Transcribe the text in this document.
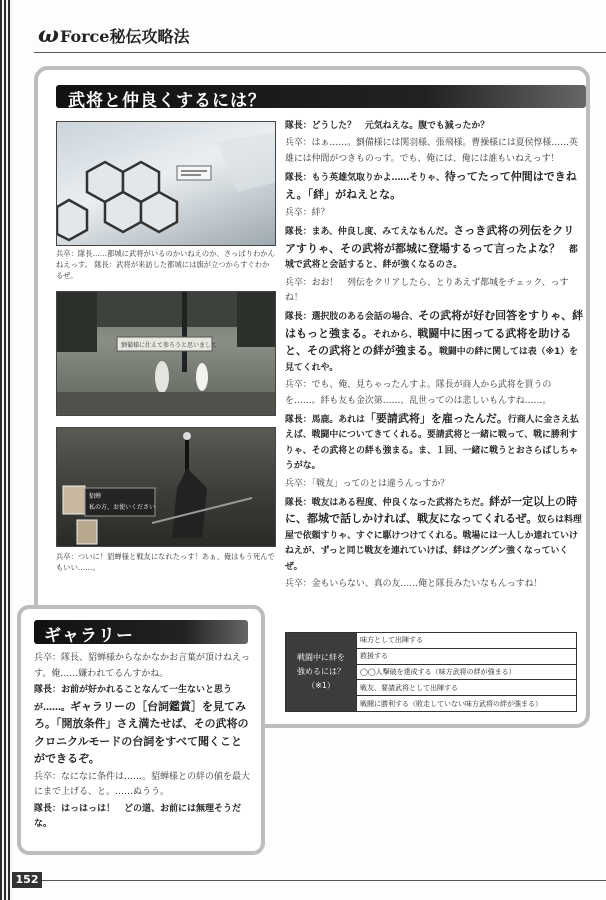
ωForce秘伝攻略法
武将と仲良くするには？
兵卒：隊長……都城に武将がいるのかいねえのか、さっぱりわかんねえっす。 隊長：武将が来訪した都城には旗が立つからすぐわかるぜ。
劉備様に仕えて参ろうと思いまして
貂蝉
私の方、お使いください
兵卒：ついに！貂蝉様と戦友になれたっす！あぁ、俺はもう死んでもいい……。

隊長：どうした？　元気ねえな。腹でも減ったか？

兵卒：はぁ……。劉備様には関羽様、張飛様。曹操様には夏侯惇様……英雄には仲間がつきものっす。でも、俺には、俺には誰もいねえっす！

隊長：もう英雄気取りかよ……そりゃ、待ってたって仲間はできねえ。「絆」がねえとな。

兵卒：絆？

隊長：まあ、仲良し度、みてえなもんだ。さっき武将の列伝をクリアすりゃ、その武将が都城に登場するって言ったよな？　都城で武将と会話すると、絆が強くなるのさ。

兵卒：おお！　列伝をクリアしたら、とりあえず都城をチェック、っすね！

隊長：選択肢のある会話の場合、その武将が好む回答をすりゃ、絆はもっと強まる。それから、戦闘中に困ってる武将を助けると、その武将との絆が強まる。戦闘中の絆に関しては表（※1）を見てくれや。

兵卒：でも、俺、見ちゃったんすよ。隊長が商人から武将を買うのを……。絆も友も金次第……、乱世ってのは悲しいもんすね……。

隊長：馬鹿。あれは「要請武将」を雇ったんだ。行商人に金さえ払えば、戦闘中についてきてくれる。要請武将と一緒に戦って、戦に勝利すりゃ、その武将との絆も強まる。ま、１回、一緒に戦うとおさらばしちゃうがな。

兵卒：「戦友」ってのとは違うんっすか？

隊長：戦友はある程度、仲良くなった武将たちだ。絆が一定以上の時に、都城で話しかければ、戦友になってくれるぜ。奴らは料理屋で依頼すりゃ、すぐに駆けつけてくれる。戦場には一人しか連れていけねえが、ずっと同じ戦友を連れていけば、絆はグングン強くなっていくぜ。

兵卒：金もいらない、真の友……俺と隊長みたいなもんっすね！

戦闘中に絆を
強めるには？
（※1）
味方として出陣する
救援する
◯◯人撃破を達成する（味方武将の絆が強まる）
戦友、要請武将として出陣する
戦闘に勝利する（敗走していない味方武将の絆が強まる）
ギャラリー

兵卒：隊長、貂蝉様からなかなかお言葉が頂けねえっす。俺……嫌われてるんすかね。

隊長：お前が好かれることなんて一生ないと思うが……。ギャラリーの［台詞鑑賞］を見てみろ。「開放条件」さえ満たせば、その武将のクロニクルモードの台詞をすべて聞くことができるぞ。

兵卒：なになに条件は……。貂蝉様との絆の値を最大にまで上げる、と。……ぬうう。

隊長：はっはっは！　どの道、お前には無理そうだな。

152
